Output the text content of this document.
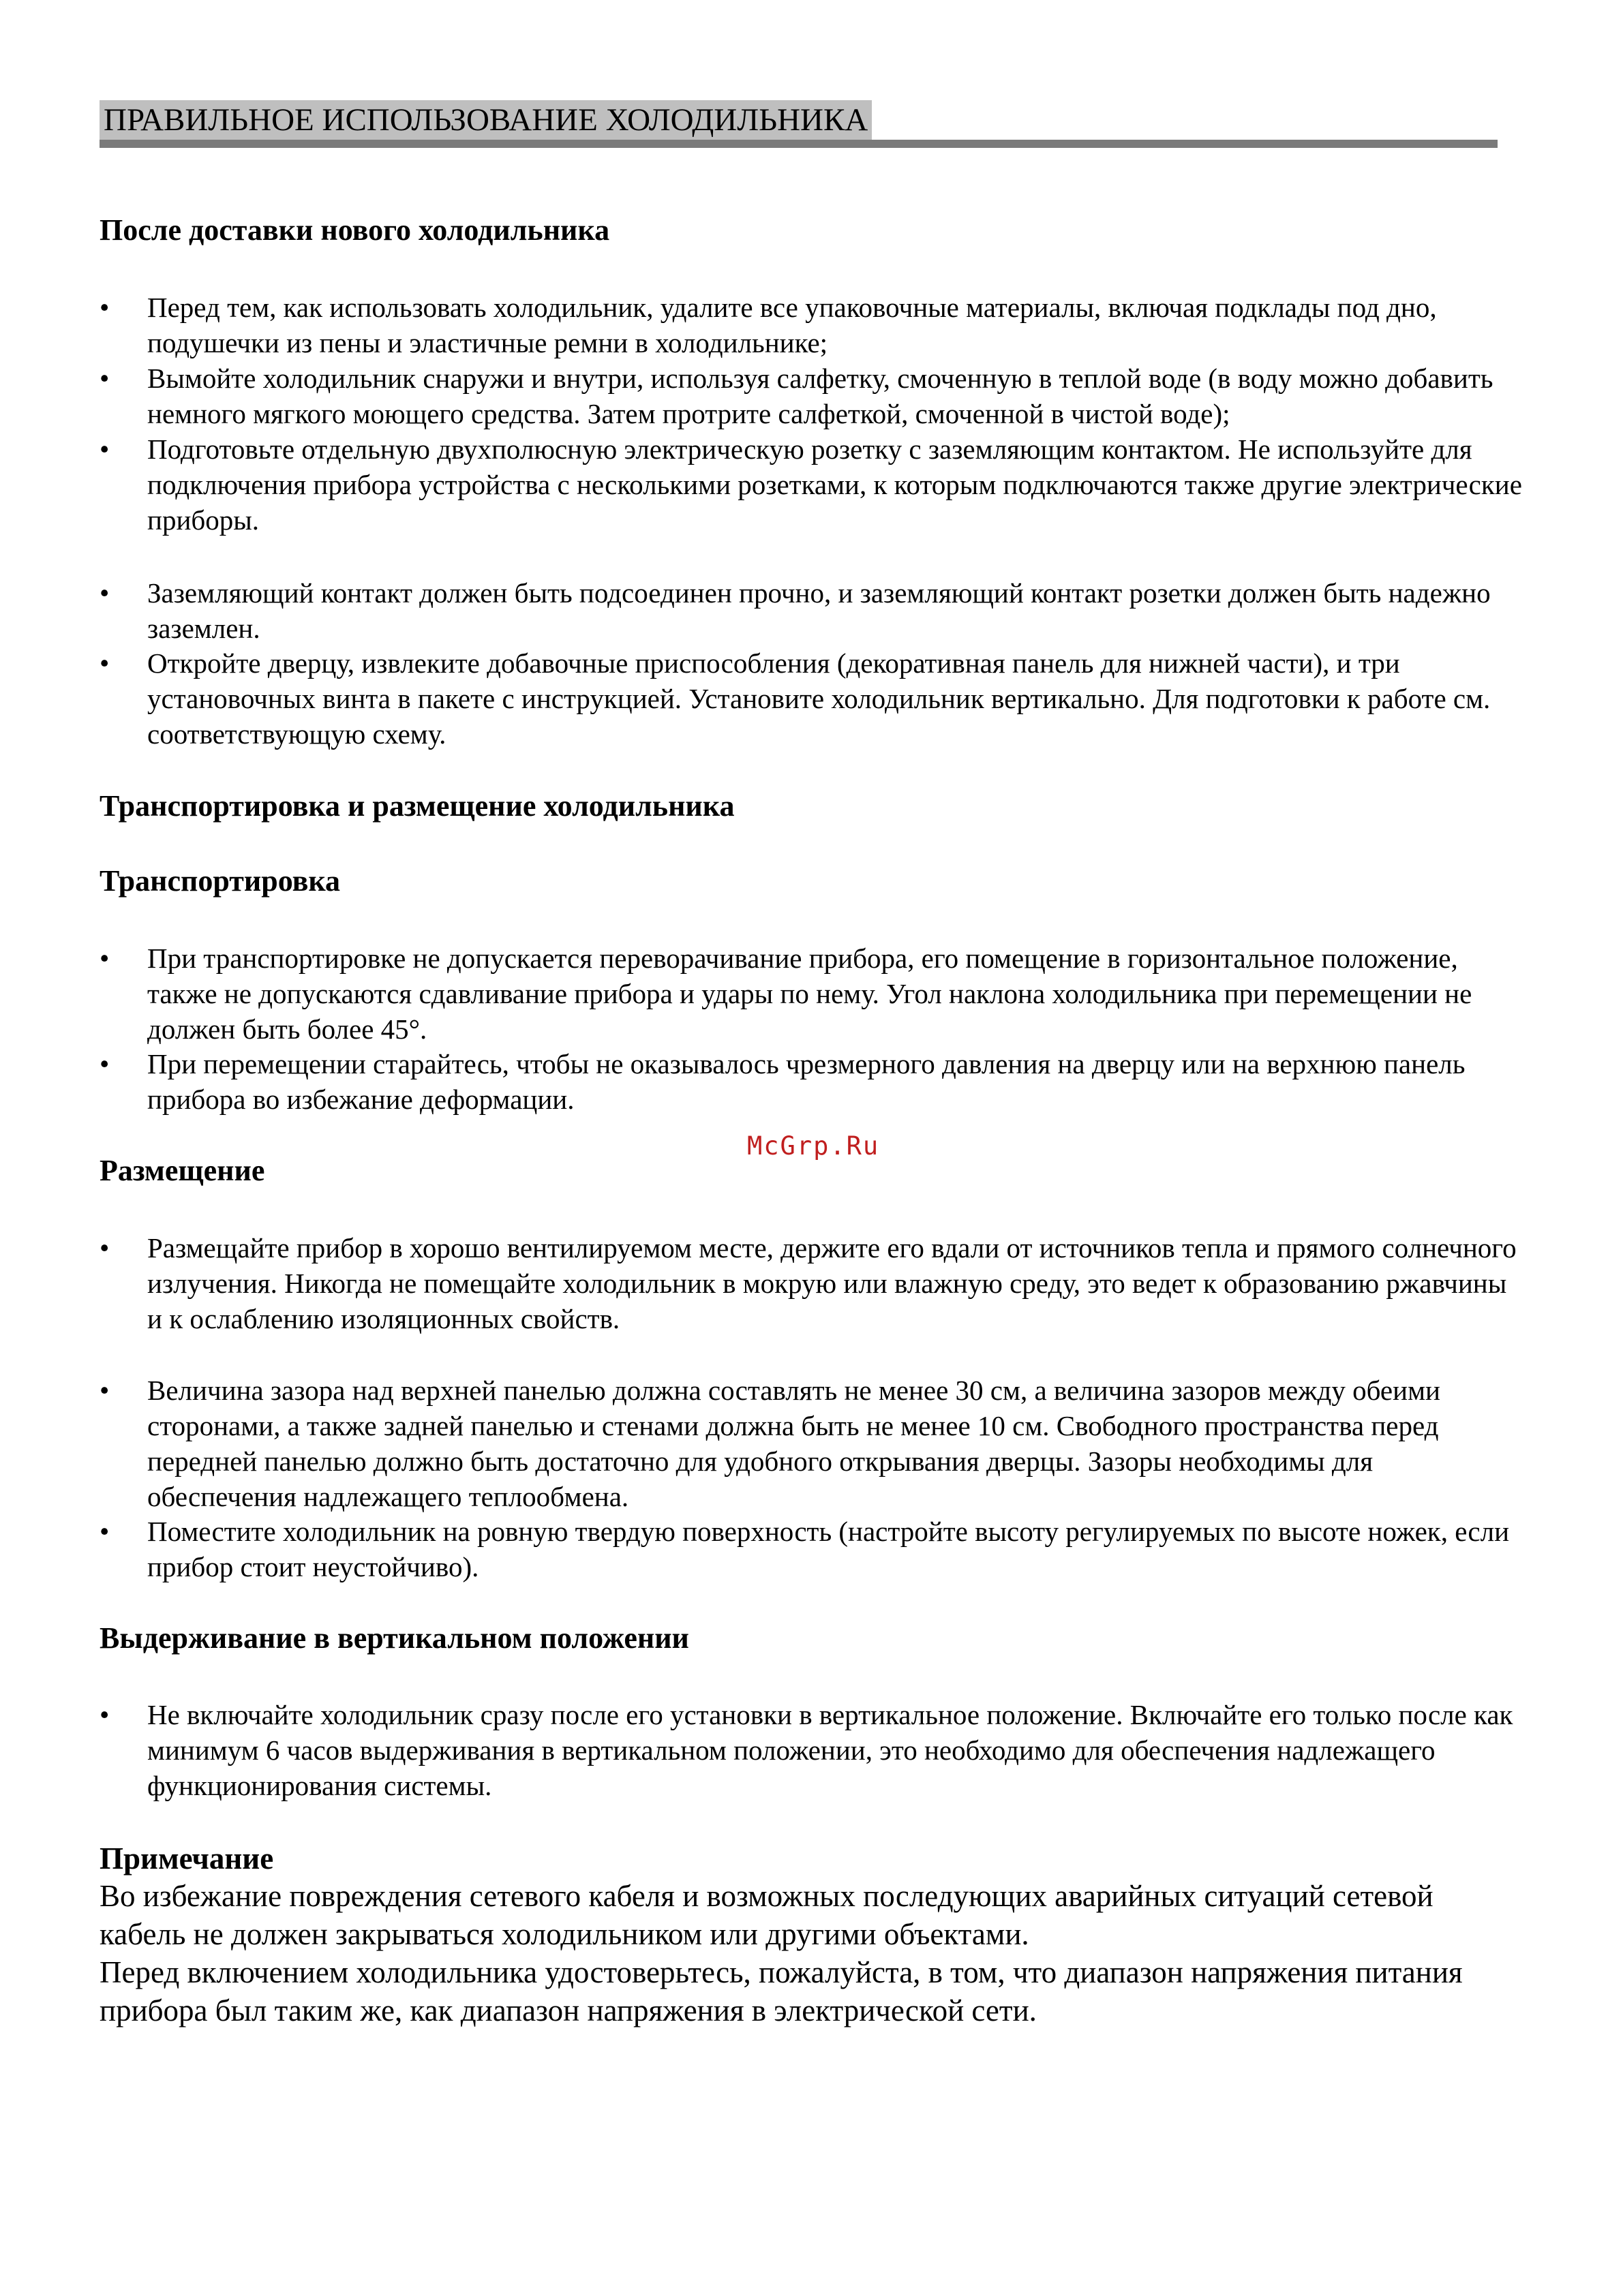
ПРАВИЛЬНОЕ ИСПОЛЬЗОВАНИЕ ХОЛОДИЛЬНИКА
После доставки нового холодильника
•	Перед тем, как использовать холодильник, удалите все упаковочные материалы, включая подклады под дно, подушечки из пены и эластичные ремни в холодильнике;
•	Вымойте холодильник снаружи и внутри, используя салфетку, смоченную в теплой воде (в воду можно добавить немного мягкого моющего средства. Затем протрите салфеткой, смоченной в чистой воде);
•	Подготовьте отдельную двухполюсную электрическую розетку с заземляющим контактом. Не используйте для подключения прибора устройства с несколькими розетками, к которым подключаются также другие электрические приборы.
•	Заземляющий контакт должен быть подсоединен прочно, и заземляющий контакт розетки должен быть надежно заземлен.
•	Откройте дверцу, извлеките добавочные приспособления (декоративная панель для нижней части), и три установочных винта в пакете с инструкцией. Установите холодильник вертикально. Для подготовки к работе см. соответствующую схему.
Транспортировка и размещение холодильника
Транспортировка
•	При транспортировке не допускается переворачивание прибора, его помещение в горизонтальное положение, также не допускаются сдавливание прибора и удары по нему. Угол наклона холодильника при перемещении не должен быть более 45°.
•	При перемещении старайтесь, чтобы не оказывалось чрезмерного давления на дверцу или на верхнюю панель прибора во избежание деформации.
McGrp.Ru
Размещение
•	Размещайте прибор в хорошо вентилируемом месте, держите его вдали от источников тепла и прямого солнечного излучения. Никогда не помещайте холодильник в мокрую или влажную среду, это ведет к образованию ржавчины и к ослаблению изоляционных свойств.
•	Величина зазора над верхней панелью должна составлять не менее 30 см, а величина зазоров между обеими сторонами, а также задней панелью и стенами должна быть не менее 10 см. Свободного пространства перед передней панелью должно быть достаточно для удобного открывания дверцы. Зазоры необходимы для обеспечения надлежащего теплообмена.
•	Поместите холодильник на ровную твердую поверхность (настройте высоту регулируемых по высоте ножек, если прибор стоит неустойчиво).
Выдерживание в вертикальном положении
•	Не включайте холодильник сразу после его установки в вертикальное положение. Включайте его только после как минимум 6 часов выдерживания в вертикальном положении, это необходимо для обеспечения надлежащего функционирования системы.
Примечание
Во избежание повреждения сетевого кабеля и возможных последующих аварийных ситуаций сетевой кабель не должен закрываться холодильником или другими объектами.
Перед включением холодильника удостоверьтесь, пожалуйста, в том, что диапазон напряжения питания прибора был таким же, как диапазон напряжения в электрической сети.
